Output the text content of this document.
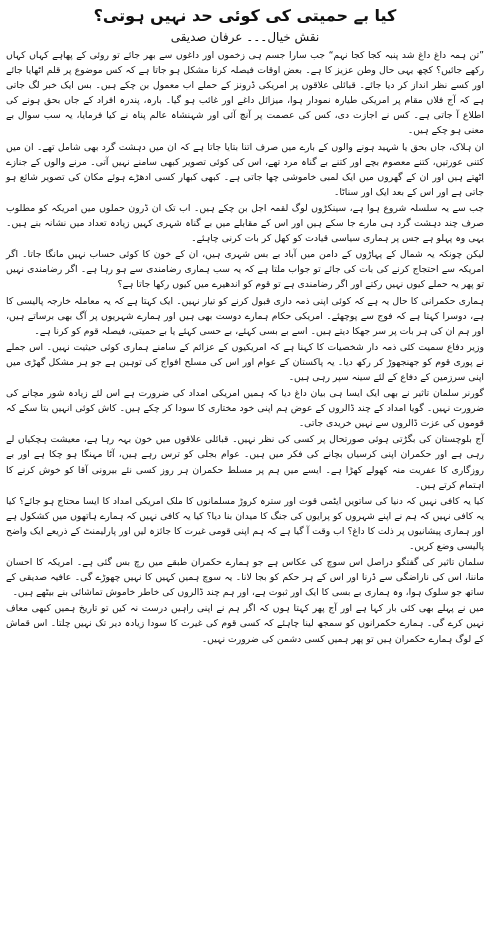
کیا بے حمیتی کی کوئی حد نہیں ہوتی؟
نقش خیال۔۔۔ عرفان صدیقی

”تن ہمہ داغ داغ شد پنبہ کجا کجا نہم“ جب سارا جسم ہی زخموں اور داغوں سے بھر جائے تو روئی کے پھاہے کہاں کہاں رکھے جائیں؟ کچھ یہی حال وطن عزیز کا ہے۔ بعض اوقات فیصلہ کرنا مشکل ہو جاتا ہے کہ کس موضوع پر قلم اٹھایا جائے اور کسے نظر انداز کر دیا جائے۔ قبائلی علاقوں پر امریکی ڈرونز کے حملے اب معمول بن چکے ہیں۔ بس ایک خبر لگ جاتی ہے کہ آج فلاں مقام پر امریکی طیارہ نمودار ہوا، میزائل داغے اور غائب ہو گیا۔ بارہ، پندرہ افراد کے جاں بحق ہونے کی اطلاع آ جاتی ہے۔ کس نے اجازت دی، کس کی عصمت پر آنچ آئی اور شہنشاہ عالم پناہ نے کیا فرمایا، یہ سب سوال بے معنی ہو چکے ہیں۔

ان ہلاک، جاں بحق یا شہید ہونے والوں کے بارے میں صرف اتنا بتایا جاتا ہے کہ ان میں دہشت گرد بھی شامل تھے۔ ان میں کتنی عورتیں، کتنے معصوم بچے اور کتنے بے گناہ مرد تھے، اس کی کوئی تصویر کبھی سامنے نہیں آتی۔ مرنے والوں کے جنازے اٹھتے ہیں اور ان کے گھروں میں ایک لمبی خاموشی چھا جاتی ہے۔ کبھی کبھار کسی ادھڑے ہوئے مکان کی تصویر شائع ہو جاتی ہے اور اس کے بعد ایک اور سناٹا۔

جب سے یہ سلسلہ شروع ہوا ہے، سینکڑوں لوگ لقمہ اجل بن چکے ہیں۔ اب تک ان ڈرون حملوں میں امریکہ کو مطلوب صرف چند دہشت گرد ہی مارے جا سکے ہیں اور اس کے مقابلے میں بے گناہ شہری کہیں زیادہ تعداد میں نشانہ بنے ہیں۔ یہی وہ پہلو ہے جس پر ہماری سیاسی قیادت کو کھل کر بات کرنی چاہئے۔

لیکن چونکہ یہ شمال کے پہاڑوں کے دامن میں آباد بے بس شہری ہیں، ان کے خون کا کوئی حساب نہیں مانگا جاتا۔ اگر امریکہ سے احتجاج کرنے کی بات کی جائے تو جواب ملتا ہے کہ یہ سب ہماری رضامندی سے ہو رہا ہے۔ اگر رضامندی نہیں تو پھر یہ حملے کیوں نہیں رکتے اور اگر رضامندی ہے تو قوم کو اندھیرے میں کیوں رکھا جاتا ہے؟

ہماری حکمرانی کا حال یہ ہے کہ کوئی اپنی ذمہ داری قبول کرنے کو تیار نہیں۔ ایک کہتا ہے کہ یہ معاملہ خارجہ پالیسی کا ہے، دوسرا کہتا ہے کہ فوج سے پوچھئے۔ امریکی حکام ہمارے دوست بھی ہیں اور ہمارے شہریوں پر آگ بھی برساتے ہیں، اور ہم ان کی ہر بات پر سر جھکا دیتے ہیں۔ اسے بے بسی کہئے، بے حسی کہئے یا بے حمیتی، فیصلہ قوم کو کرنا ہے۔

وزیر دفاع سمیت کئی ذمہ دار شخصیات کا کہنا ہے کہ امریکیوں کے عزائم کے سامنے ہماری کوئی حیثیت نہیں۔ اس جملے نے پوری قوم کو جھنجھوڑ کر رکھ دیا۔ یہ پاکستان کے عوام اور اس کی مسلح افواج کی توہین ہے جو ہر مشکل گھڑی میں اپنی سرزمین کے دفاع کے لئے سینہ سپر رہی ہیں۔

گورنر سلمان تاثیر نے بھی ایک ایسا ہی بیان داغ دیا کہ ہمیں امریکی امداد کی ضرورت ہے اس لئے زیادہ شور مچانے کی ضرورت نہیں۔ گویا امداد کے چند ڈالروں کے عوض ہم اپنی خود مختاری کا سودا کر چکے ہیں۔ کاش کوئی انہیں بتا سکے کہ قوموں کی عزت ڈالروں سے نہیں خریدی جاتی۔

آج بلوچستان کی بگڑتی ہوئی صورتحال پر کسی کی نظر نہیں۔ قبائلی علاقوں میں خون بہہ رہا ہے، معیشت ہچکیاں لے رہی ہے اور حکمران اپنی کرسیاں بچانے کی فکر میں ہیں۔ عوام بجلی کو ترس رہے ہیں، آٹا مہنگا ہو چکا ہے اور بے روزگاری کا عفریت منہ کھولے کھڑا ہے۔ ایسے میں ہم پر مسلط حکمران ہر روز کسی نئے بیرونی آقا کو خوش کرنے کا اہتمام کرتے ہیں۔

کیا یہ کافی نہیں کہ دنیا کی ساتویں ایٹمی قوت اور سترہ کروڑ مسلمانوں کا ملک امریکی امداد کا ایسا محتاج ہو جائے؟ کیا یہ کافی نہیں کہ ہم نے اپنے شہروں کو پرایوں کی جنگ کا میدان بنا دیا؟ کیا یہ کافی نہیں کہ ہمارے ہاتھوں میں کشکول ہے اور ہماری پیشانیوں پر ذلت کا داغ؟ اب وقت آ گیا ہے کہ ہم اپنی قومی غیرت کا جائزہ لیں اور پارلیمنٹ کے ذریعے ایک واضح پالیسی وضع کریں۔

سلمان تاثیر کی گفتگو دراصل اس سوچ کی عکاس ہے جو ہمارے حکمران طبقے میں رچ بس گئی ہے۔ امریکہ کا احسان ماننا، اس کی ناراضگی سے ڈرنا اور اس کے ہر حکم کو بجا لانا۔ یہ سوچ ہمیں کہیں کا نہیں چھوڑے گی۔ عافیہ صدیقی کے ساتھ جو سلوک ہوا، وہ ہماری بے بسی کا ایک اور ثبوت ہے، اور ہم چند ڈالروں کی خاطر خاموش تماشائی بنے بیٹھے ہیں۔

میں نے پہلے بھی کئی بار کہا ہے اور آج پھر کہتا ہوں کہ اگر ہم نے اپنی راہیں درست نہ کیں تو تاریخ ہمیں کبھی معاف نہیں کرے گی۔ ہمارے حکمرانوں کو سمجھ لینا چاہئے کہ کسی قوم کی غیرت کا سودا زیادہ دیر تک نہیں چلتا۔ اس قماش کے لوگ ہمارے حکمران ہیں تو پھر ہمیں کسی دشمن کی ضرورت نہیں۔
